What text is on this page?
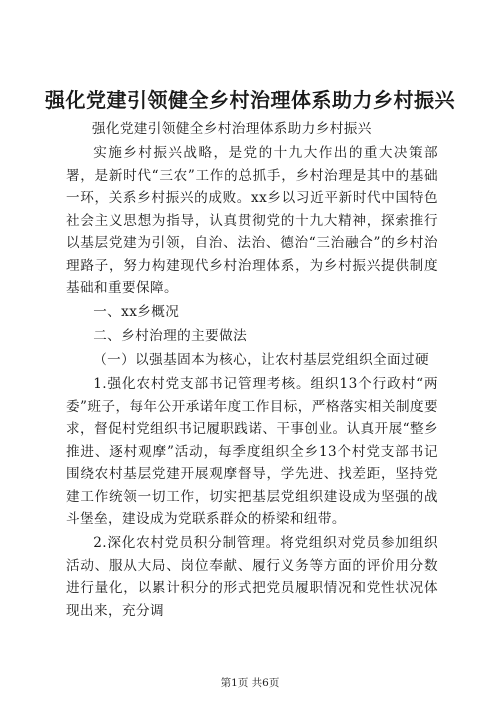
强化党建引领健全乡村治理体系助力乡村振兴

强化党建引领健全乡村治理体系助力乡村振兴

实施乡村振兴战略，是党的十九大作出的重大决策部署，是新时代“三农”工作的总抓手，乡村治理是其中的基础一环，关系乡村振兴的成败。xx乡以习近平新时代中国特色社会主义思想为指导，认真贯彻党的十九大精神，探索推行以基层党建为引领，自治、法治、德治“三治融合”的乡村治理路子，努力构建现代乡村治理体系，为乡村振兴提供制度基础和重要保障。

一、xx乡概况

二、乡村治理的主要做法

（一）以强基固本为核心，让农村基层党组织全面过硬

1.强化农村党支部书记管理考核。组织13个行政村“两委”班子，每年公开承诺年度工作目标，严格落实相关制度要求，督促村党组织书记履职践诺、干事创业。认真开展“整乡推进、逐村观摩”活动，每季度组织全乡13个村党支部书记围绕农村基层党建开展观摩督导，学先进、找差距，坚持党建工作统领一切工作，切实把基层党组织建设成为坚强的战斗堡垒，建设成为党联系群众的桥梁和纽带。

2.深化农村党员积分制管理。将党组织对党员参加组织活动、服从大局、岗位奉献、履行义务等方面的评价用分数进行量化，以累计积分的形式把党员履职情况和党性状况体现出来，充分调

第1页 共6页
